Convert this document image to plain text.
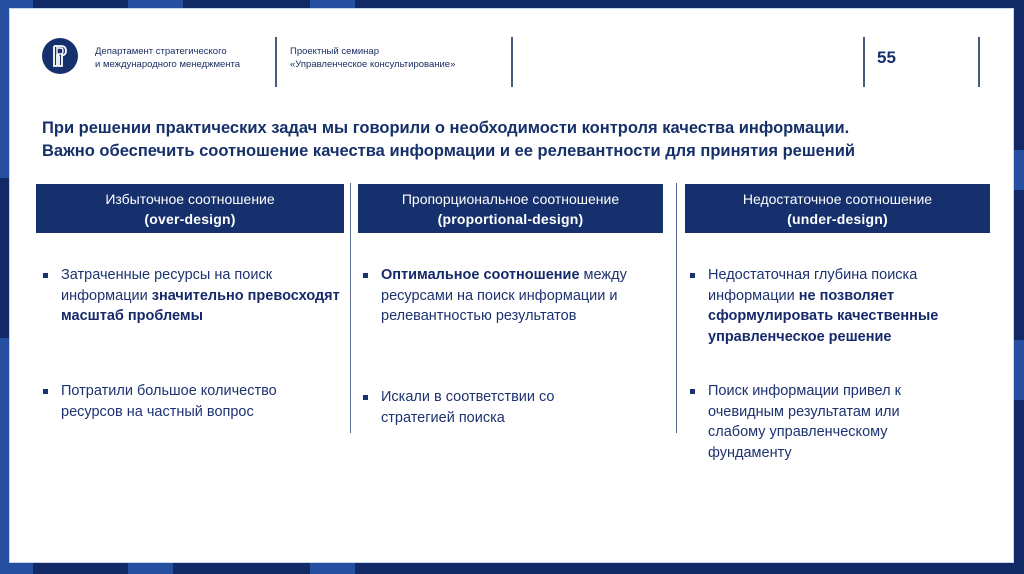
Департамент стратегического
и международного менеджмента
Проектный семинар
«Управленческое консультирование»	55
При решении практических задач мы говорили о необходимости контроля качества информации.
Важно обеспечить соотношение качества информации и ее релевантности для принятия решений
Избыточное соотношение
(over-design)
Пропорциональное соотношение
(proportional-design)
Недостаточное соотношение
(under-design)
Затраченные ресурсы на поиск информации значительно превосходят масштаб проблемы
Потратили большое количество ресурсов на частный вопрос
Оптимальное соотношение между ресурсами на поиск информации и релевантностью результатов
Искали в соответствии со стратегией поиска
Недостаточная глубина поиска информации не позволяет сформулировать качественные управленческое решение
Поиск информации привел к очевидным результатам или слабому управленческому фундаменту
